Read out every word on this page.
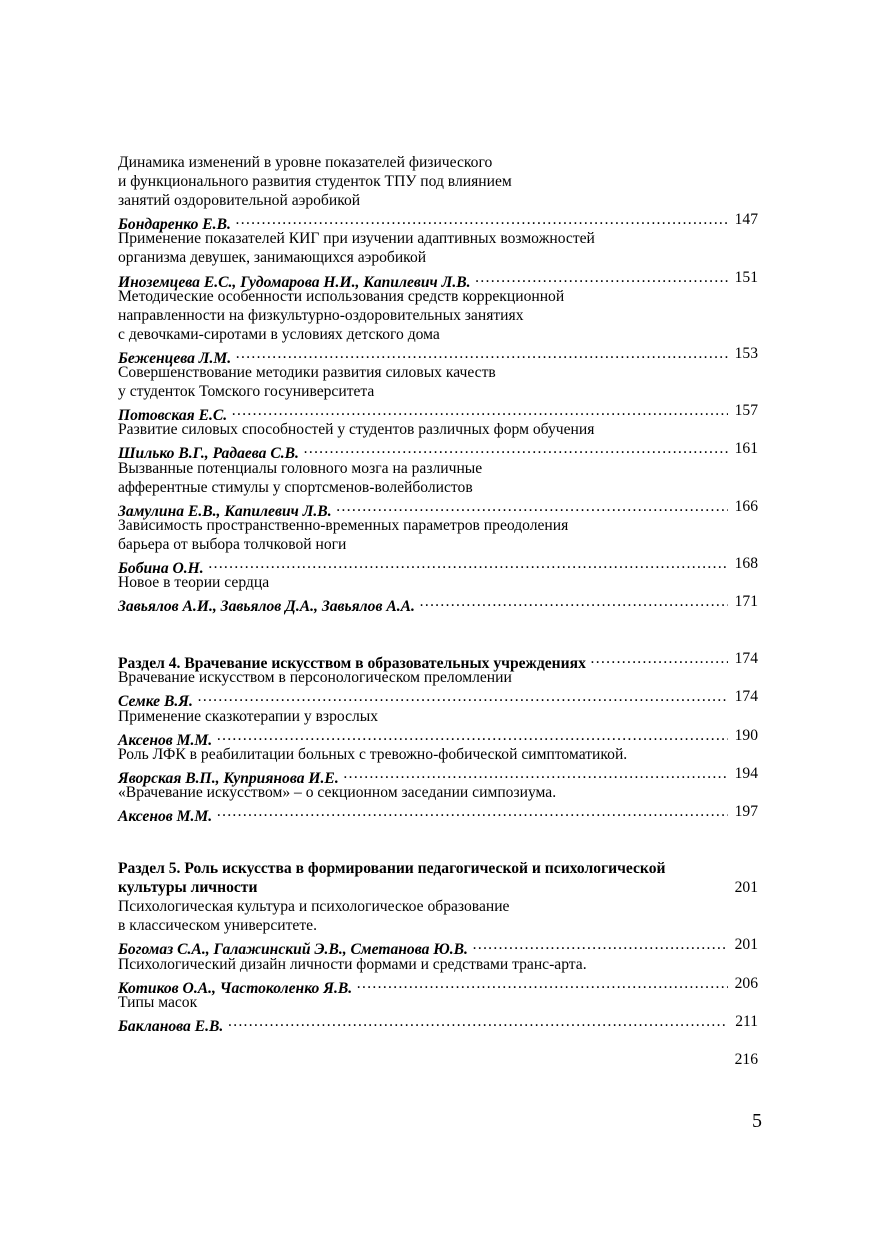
Динамика изменений в уровне показателей физического
и функционального развития студенток ТПУ под влиянием
занятий оздоровительной аэробикой
Бондаренко Е.В. ……………………………………………………………………………………………………………………………………………	147
Применение показателей КИГ при изучении адаптивных возможностей
организма девушек, занимающихся аэробикой
Иноземцева Е.С., Гудомарова Н.И., Капилевич Л.В. ……………………………………………………………………………………………………………………………………………	151
Методические особенности использования средств коррекционной
направленности на физкультурно-оздоровительных занятиях
с девочками-сиротами в условиях детского дома
Беженцева Л.М. ……………………………………………………………………………………………………………………………………………	153
Совершенствование методики развития силовых качеств
у студенток Томского госуниверситета
Потовская Е.С. ……………………………………………………………………………………………………………………………………………	157
Развитие силовых способностей у студентов различных форм обучения
Шилько В.Г., Радаева С.В. ……………………………………………………………………………………………………………………………………………	161
Вызванные потенциалы головного мозга на различные
афферентные стимулы у спортсменов-волейболистов
Замулина Е.В., Капилевич Л.В. ……………………………………………………………………………………………………………………………………………	166
Зависимость пространственно-временных параметров преодоления
барьера от выбора толчковой ноги
Бобина О.Н. ……………………………………………………………………………………………………………………………………………	168
Новое в теории сердца
Завьялов А.И., Завьялов Д.А., Завьялов А.А. ……………………………………………………………………………………………………………………………………………	171
Раздел 4. Врачевание искусством в образовательных учреждениях ……………………………………………………………………………………………………………………………………………	174
Врачевание искусством в персонологическом преломлении
Семке В.Я. ……………………………………………………………………………………………………………………………………………	174
Применение сказкотерапии у взрослых
Аксенов М.М. ……………………………………………………………………………………………………………………………………………	190
Роль ЛФК в реабилитации больных с тревожно-фобической симптоматикой.
Яворская В.П., Куприянова И.Е. ……………………………………………………………………………………………………………………………………………	194
«Врачевание искусством» – о секционном заседании симпозиума.
Аксенов М.М. ……………………………………………………………………………………………………………………………………………	197
Раздел 5. Роль искусства в формировании педагогической и психологической
культуры личности	201
Психологическая культура и психологическое образование
в классическом университете.
Богомаз С.А., Галажинский Э.В., Сметанова Ю.В. ……………………………………………………………………………………………………………………………………………	201
Психологический дизайн личности формами и средствами транс-арта.
Котиков О.А., Частоколенко Я.В. ……………………………………………………………………………………………………………………………………………	206
Типы масок
Бакланова Е.В. ……………………………………………………………………………………………………………………………………………	211
216
5
